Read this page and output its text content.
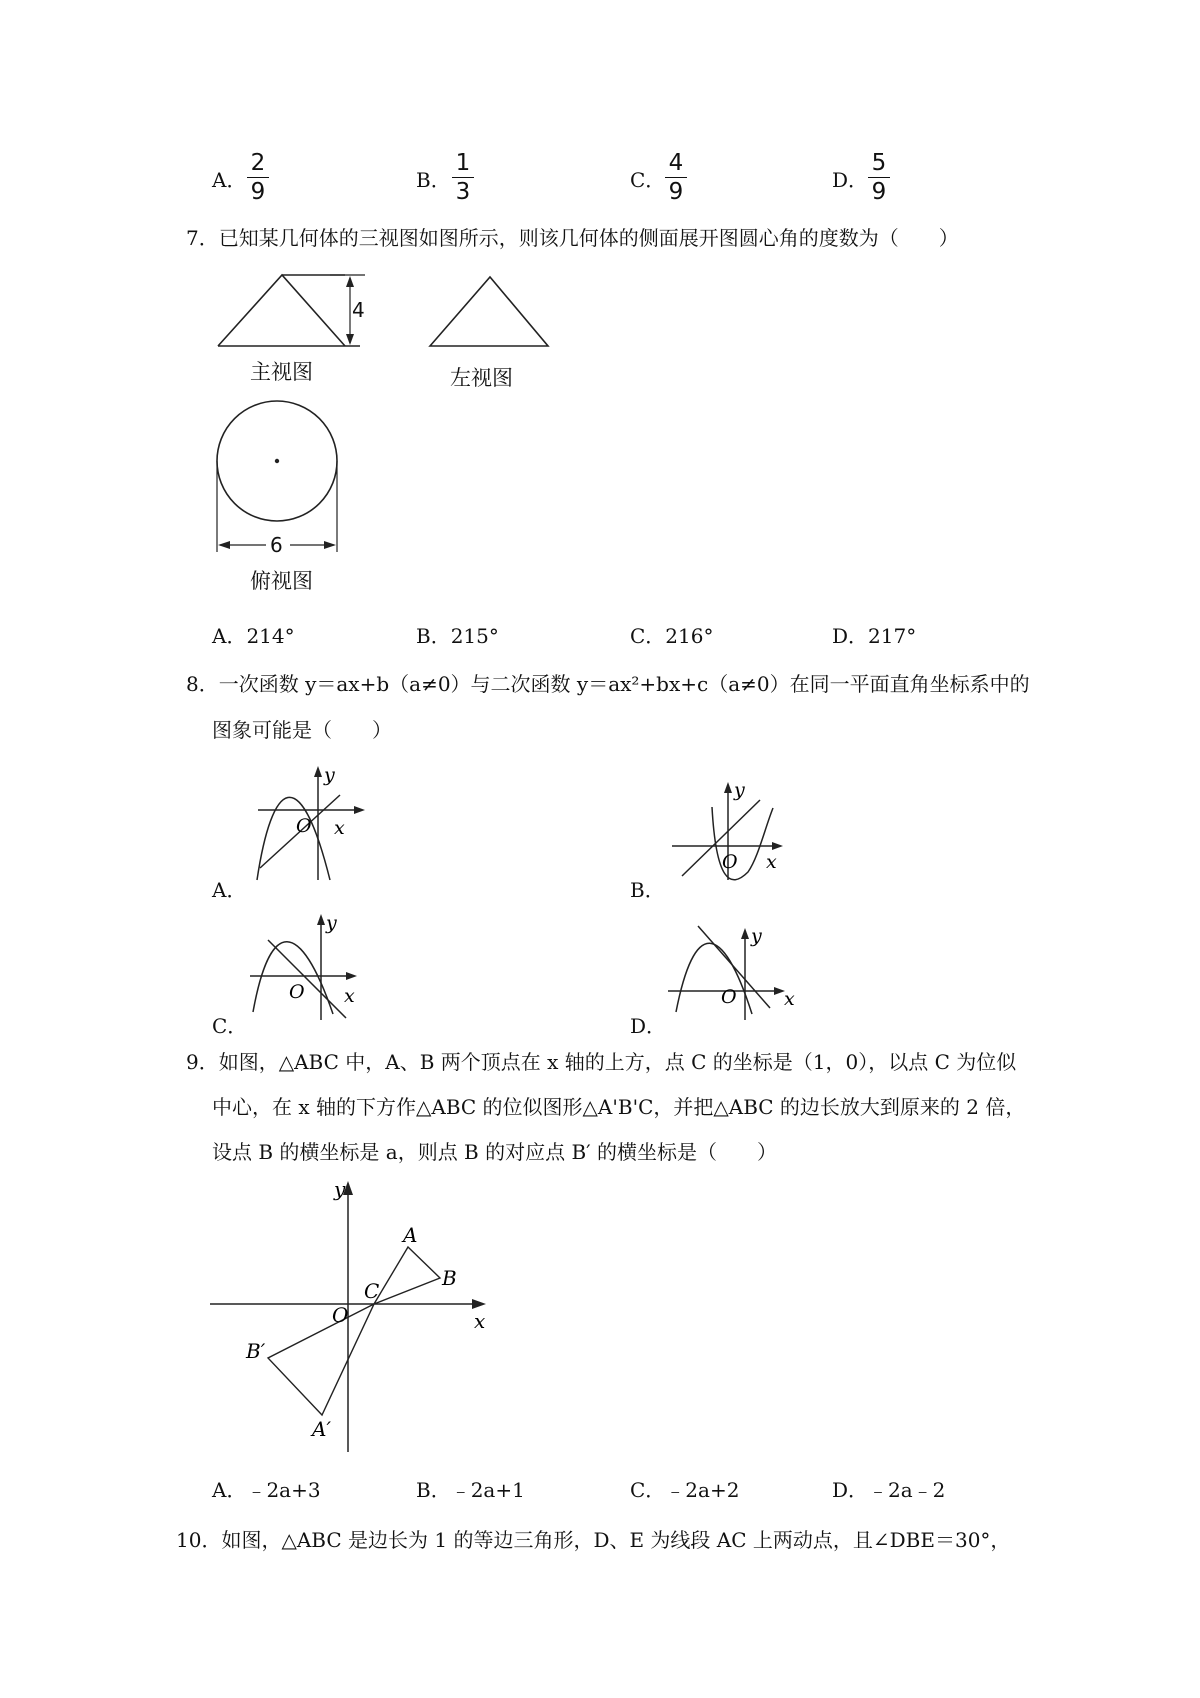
A．
2
9	B．
1
3	C．
4
9	D．
5
9
7．已知某几何体的三视图如图所示，则该几何体的侧面展开图圆心角的度数为（　　）
4
主视图	左视图
6
俯视图
A．214°	B．215°	C．216°	D．217°
8．一次函数 y＝ax+b（a≠0）与二次函数 y＝ax²+bx+c（a≠0）在同一平面直角坐标系中的
图象可能是（　　）
y
O x
A．
y
O x
B．
y
O x
C．
y
O x
D．
9．如图，△ABC 中，A、B 两个顶点在 x 轴的上方，点 C 的坐标是（1，0），以点 C 为位似
中心，在 x 轴的下方作△ABC 的位似图形△A'B'C，并把△ABC 的边长放大到原来的 2 倍，
设点 B 的横坐标是 a，则点 B 的对应点 B′ 的横坐标是（　　）
y
A
B
C
O	x
B′
A′
A．﹣2a+3	B．﹣2a+1	C．﹣2a+2	D．﹣2a﹣2
10．如图，△ABC 是边长为 1 的等边三角形，D、E 为线段 AC 上两动点，且∠DBE＝30°，
